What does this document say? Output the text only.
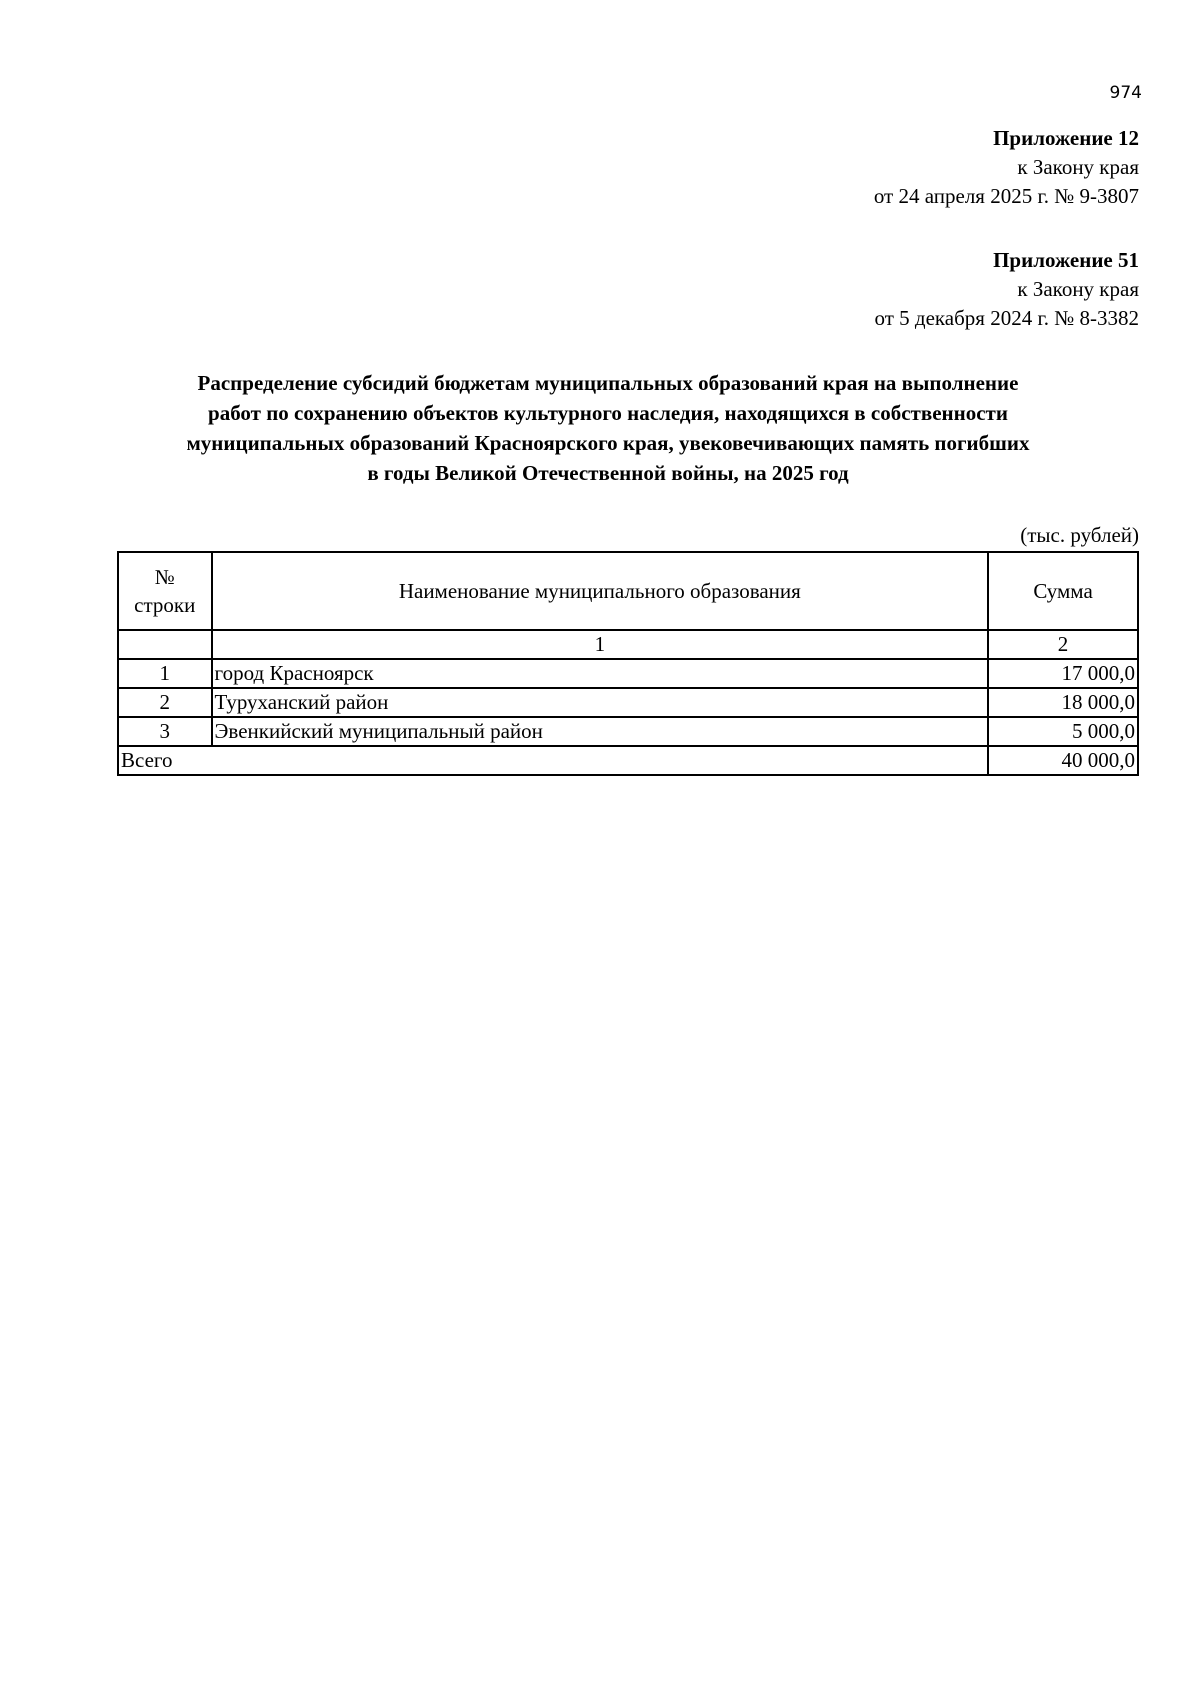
974
Приложение 12
к Закону края
от 24 апреля 2025 г. № 9-3807
Приложение 51
к Закону края
от 5 декабря 2024 г. № 8-3382
Распределение субсидий бюджетам муниципальных образований края на выполнение
работ по сохранению объектов культурного наследия, находящихся в собственности
муниципальных образований Красноярского края, увековечивающих память погибших
в годы Великой Отечественной войны, на 2025 год
(тыс. рублей)
№
строки	Наименование муниципального образования	Сумма
	1	2
1	город Красноярск	17 000,0
2	Туруханский район	18 000,0
3	Эвенкийский муниципальный район	5 000,0
Всего		40 000,0
